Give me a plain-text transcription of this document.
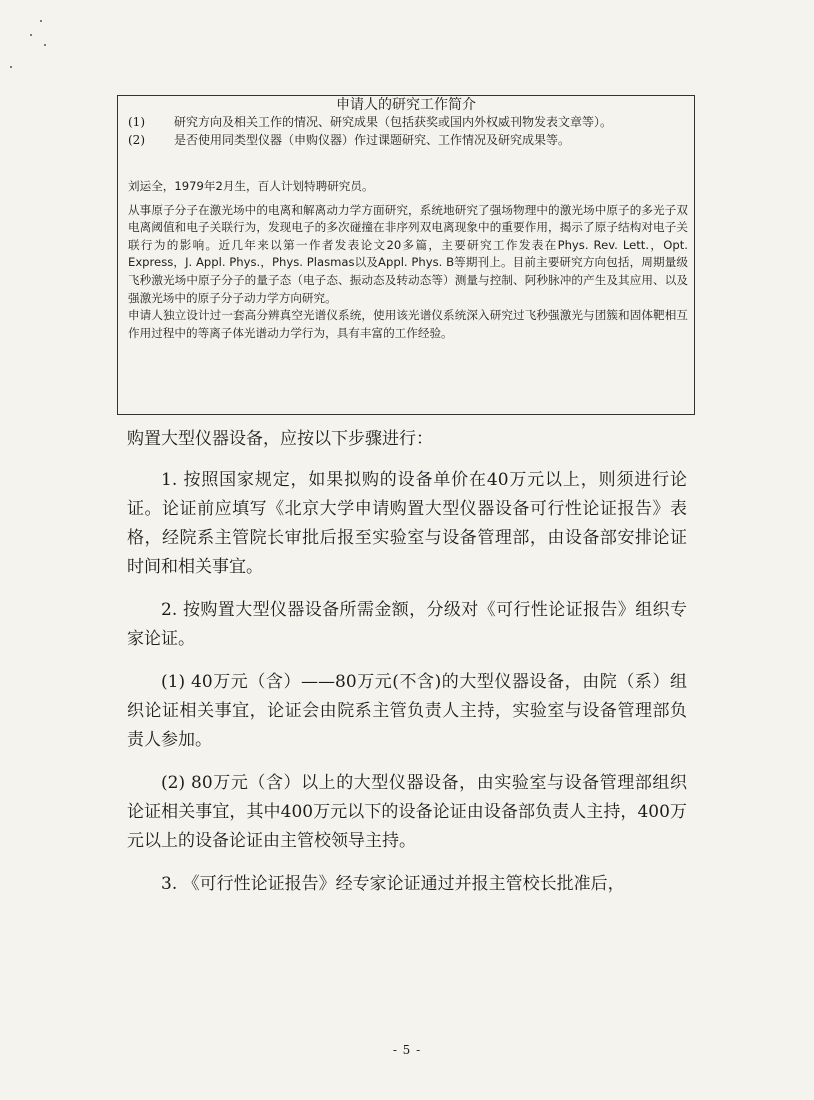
申请人的研究工作简介
(1) 研究方向及相关工作的情况、研究成果（包括获奖或国内外权威刊物发表文章等）。
(2) 是否使用同类型仪器（申购仪器）作过课题研究、工作情况及研究成果等。

刘运全，1979年2月生，百人计划特聘研究员。

从事原子分子在激光场中的电离和解离动力学方面研究，系统地研究了强场物理中的激光场中原子的多光子双电离阈值和电子关联行为，发现电子的多次碰撞在非序列双电离现象中的重要作用，揭示了原子结构对电子关联行为的影响。近几年来以第一作者发表论文20多篇，主要研究工作发表在Phys. Rev. Lett.，Opt. Express，J. Appl. Phys.，Phys. Plasmas以及Appl. Phys. B等期刊上。目前主要研究方向包括，周期量级飞秒激光场中原子分子的量子态（电子态、振动态及转动态等）测量与控制、阿秒脉冲的产生及其应用、以及强激光场中的原子分子动力学方向研究。

申请人独立设计过一套高分辨真空光谱仪系统，使用该光谱仪系统深入研究过飞秒强激光与团簇和固体靶相互作用过程中的等离子体光谱动力学行为，具有丰富的工作经验。

购置大型仪器设备，应按以下步骤进行：

1. 按照国家规定，如果拟购的设备单价在40万元以上，则须进行论证。论证前应填写《北京大学申请购置大型仪器设备可行性论证报告》表格，经院系主管院长审批后报至实验室与设备管理部，由设备部安排论证时间和相关事宜。

2. 按购置大型仪器设备所需金额，分级对《可行性论证报告》组织专家论证。

(1) 40万元（含）——80万元(不含)的大型仪器设备，由院（系）组织论证相关事宜，论证会由院系主管负责人主持，实验室与设备管理部负责人参加。

(2) 80万元（含）以上的大型仪器设备，由实验室与设备管理部组织论证相关事宜，其中400万元以下的设备论证由设备部负责人主持，400万元以上的设备论证由主管校领导主持。

3. 《可行性论证报告》经专家论证通过并报主管校长批准后，

- 5 -
